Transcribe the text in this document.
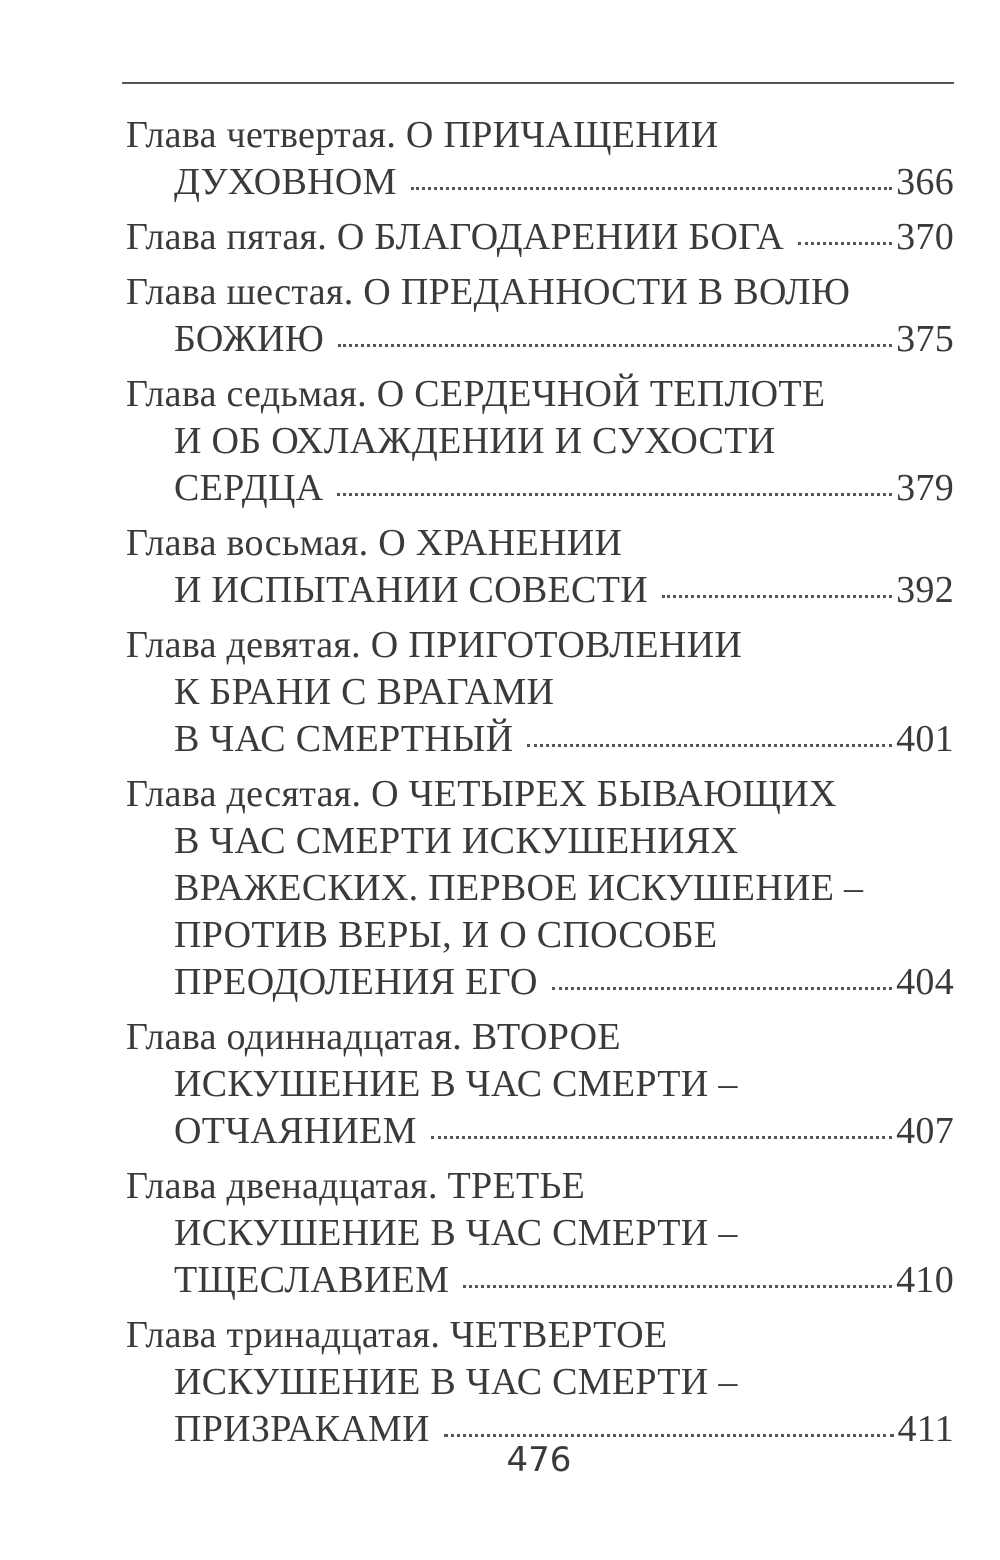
Глава четвертая. О ПРИЧАЩЕНИИ
ДУХОВНОМ	366
Глава пятая. О БЛАГОДАРЕНИИ БОГА	370
Глава шестая. О ПРЕДАННОСТИ В ВОЛЮ
БОЖИЮ	375
Глава седьмая. О СЕРДЕЧНОЙ ТЕПЛОТЕ
И ОБ ОХЛАЖДЕНИИ И СУХОСТИ
СЕРДЦА	379
Глава восьмая. О ХРАНЕНИИ
И ИСПЫТАНИИ СОВЕСТИ	392
Глава девятая. О ПРИГОТОВЛЕНИИ
К БРАНИ С ВРАГАМИ
В ЧАС СМЕРТНЫЙ	401
Глава десятая. О ЧЕТЫРЕХ БЫВАЮЩИХ
В ЧАС СМЕРТИ ИСКУШЕНИЯХ
ВРАЖЕСКИХ. ПЕРВОЕ ИСКУШЕНИЕ –
ПРОТИВ ВЕРЫ, И О СПОСОБЕ
ПРЕОДОЛЕНИЯ ЕГО	404
Глава одиннадцатая. ВТОРОЕ
ИСКУШЕНИЕ В ЧАС СМЕРТИ –
ОТЧАЯНИЕМ	407
Глава двенадцатая. ТРЕТЬЕ
ИСКУШЕНИЕ В ЧАС СМЕРТИ –
ТЩЕСЛАВИЕМ	410
Глава тринадцатая. ЧЕТВЕРТОЕ
ИСКУШЕНИЕ В ЧАС СМЕРТИ –
ПРИЗРАКАМИ	411
476
